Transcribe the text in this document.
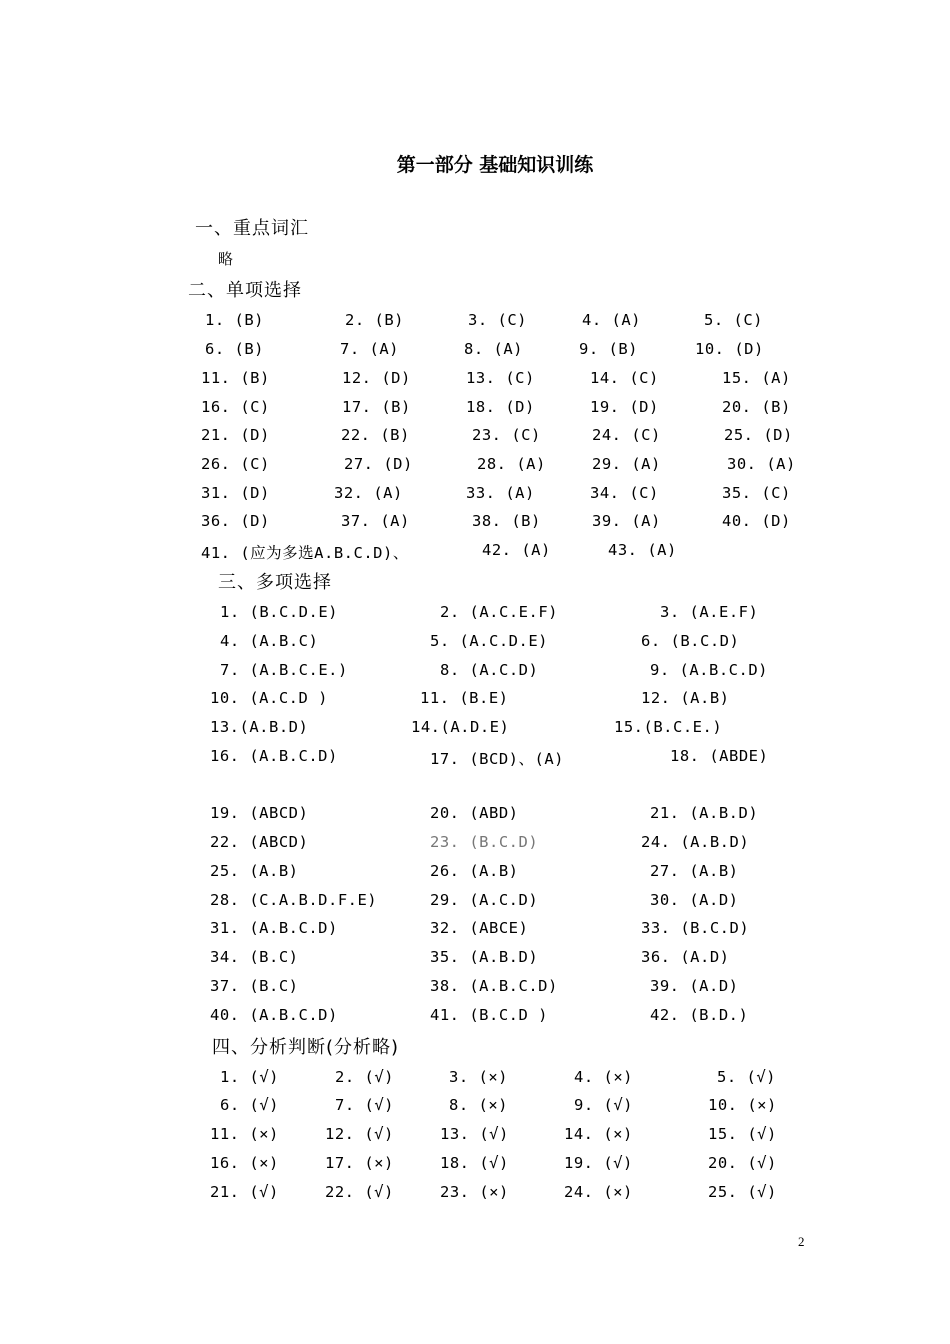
第一部分 基础知识训练
一、重点词汇
略
二、单项选择
1. (B)	2. (B)	3. (C)	4. (A)	5. (C)
6. (B)	7. (A)	8. (A)	9. (B)	10. (D)
11. (B)	12. (D)	13. (C)	14. (C)	15. (A)
16. (C)	17. (B)	18. (D)	19. (D)	20. (B)
21. (D)	22. (B)	23. (C)	24. (C)	25. (D)
26. (C)	27. (D)	28. (A)	29. (A)	30. (A)
31. (D)	32. (A)	33. (A)	34. (C)	35. (C)
36. (D)	37. (A)	38. (B)	39. (A)	40. (D)
41. (应为多选A.B.C.D)、	42. (A)	43. (A)
三、多项选择
1. (B.C.D.E)	2. (A.C.E.F)	3. (A.E.F)
4. (A.B.C)	5. (A.C.D.E)	6. (B.C.D)
7. (A.B.C.E.)	8. (A.C.D)	9. (A.B.C.D)
10. (A.C.D )	11. (B.E)	12. (A.B)
13.(A.B.D)	14.(A.D.E)	15.(B.C.E.)
16. (A.B.C.D)	17. (BCD)、(A)	18. (ABDE)
19. (ABCD)	20. (ABD)	21. (A.B.D)
22. (ABCD)	23. (B.C.D)	24. (A.B.D)
25. (A.B)	26. (A.B)	27. (A.B)
28. (C.A.B.D.F.E)	29. (A.C.D)	30. (A.D)
31. (A.B.C.D)	32. (ABCE)	33. (B.C.D)
34. (B.C)	35. (A.B.D)	36. (A.D)
37. (B.C)	38. (A.B.C.D)	39. (A.D)
40. (A.B.C.D)	41. (B.C.D )	42. (B.D.)
四、分析判断(分析略)
1. (√)	2. (√)	3. (×)	4. (×)	5. (√)
6. (√)	7. (√)	8. (×)	9. (√)	10. (×)
11. (×)	12. (√)	13. (√)	14. (×)	15. (√)
16. (×)	17. (×)	18. (√)	19. (√)	20. (√)
21. (√)	22. (√)	23. (×)	24. (×)	25. (√)
2
